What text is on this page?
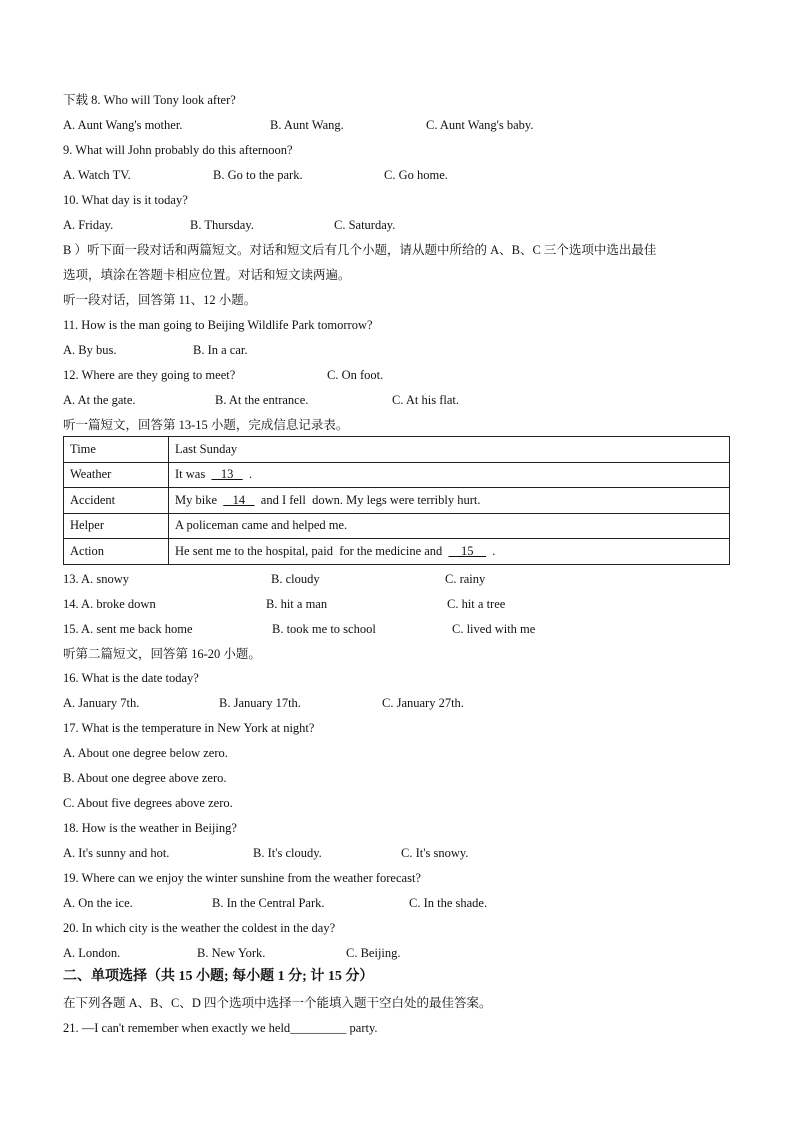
下载 8. Who will Tony look after?
A. Aunt Wang's mother.	B. Aunt Wang.	C. Aunt Wang's baby.
9. What will John probably do this afternoon?
A. Watch TV.	B. Go to the park.	C. Go home.
10. What day is it today?
A. Friday.	B. Thursday.	C. Saturday.
B ）听下面一段对话和两篇短文。对话和短文后有几个小题，请从题中所给的 A、B、C 三个选项中选出最佳
选项，填涂在答题卡相应位置。对话和短文读两遍。
听一段对话，回答第 11、12 小题。
11. How is the man going to Beijing Wildlife Park tomorrow?
A. By bus.	B. In a car.
12. Where are they going to meet?	C. On foot.
A. At the gate.	B. At the entrance.	C. At his flat.
听一篇短文，回答第 13-15 小题，完成信息记录表。
Time	Last Sunday
Weather	It was     13     .
Accident	My bike     14     and I fell  down. My legs were terribly hurt.
Helper	A policeman came and helped me.
Action	He sent me to the hospital, paid  for the medicine and      15      .
13. A. snowy	B. cloudy	C. rainy
14. A. broke down	B. hit a man	C. hit a tree
15. A. sent me back home	B. took me to school	C. lived with me
听第二篇短文，回答第 16-20 小题。
16. What is the date today?
A. January 7th.	B. January 17th.	C. January 27th.
17. What is the temperature in New York at night?
A. About one degree below zero.
B. About one degree above zero.
C. About five degrees above zero.
18. How is the weather in Beijing?
A. It's sunny and hot.	B. It's cloudy.	C. It's snowy.
19. Where can we enjoy the winter sunshine from the weather forecast?
A. On the ice.	B. In the Central Park.	C. In the shade.
20. In which city is the weather the coldest in the day?
A. London.	B. New York.	C. Beijing.
二、单项选择（共 15 小题; 每小题 1 分; 计 15 分）
在下列各题 A、B、C、D 四个选项中选择一个能填入题干空白处的最佳答案。
21. —I can't remember when exactly we held_________ party.
